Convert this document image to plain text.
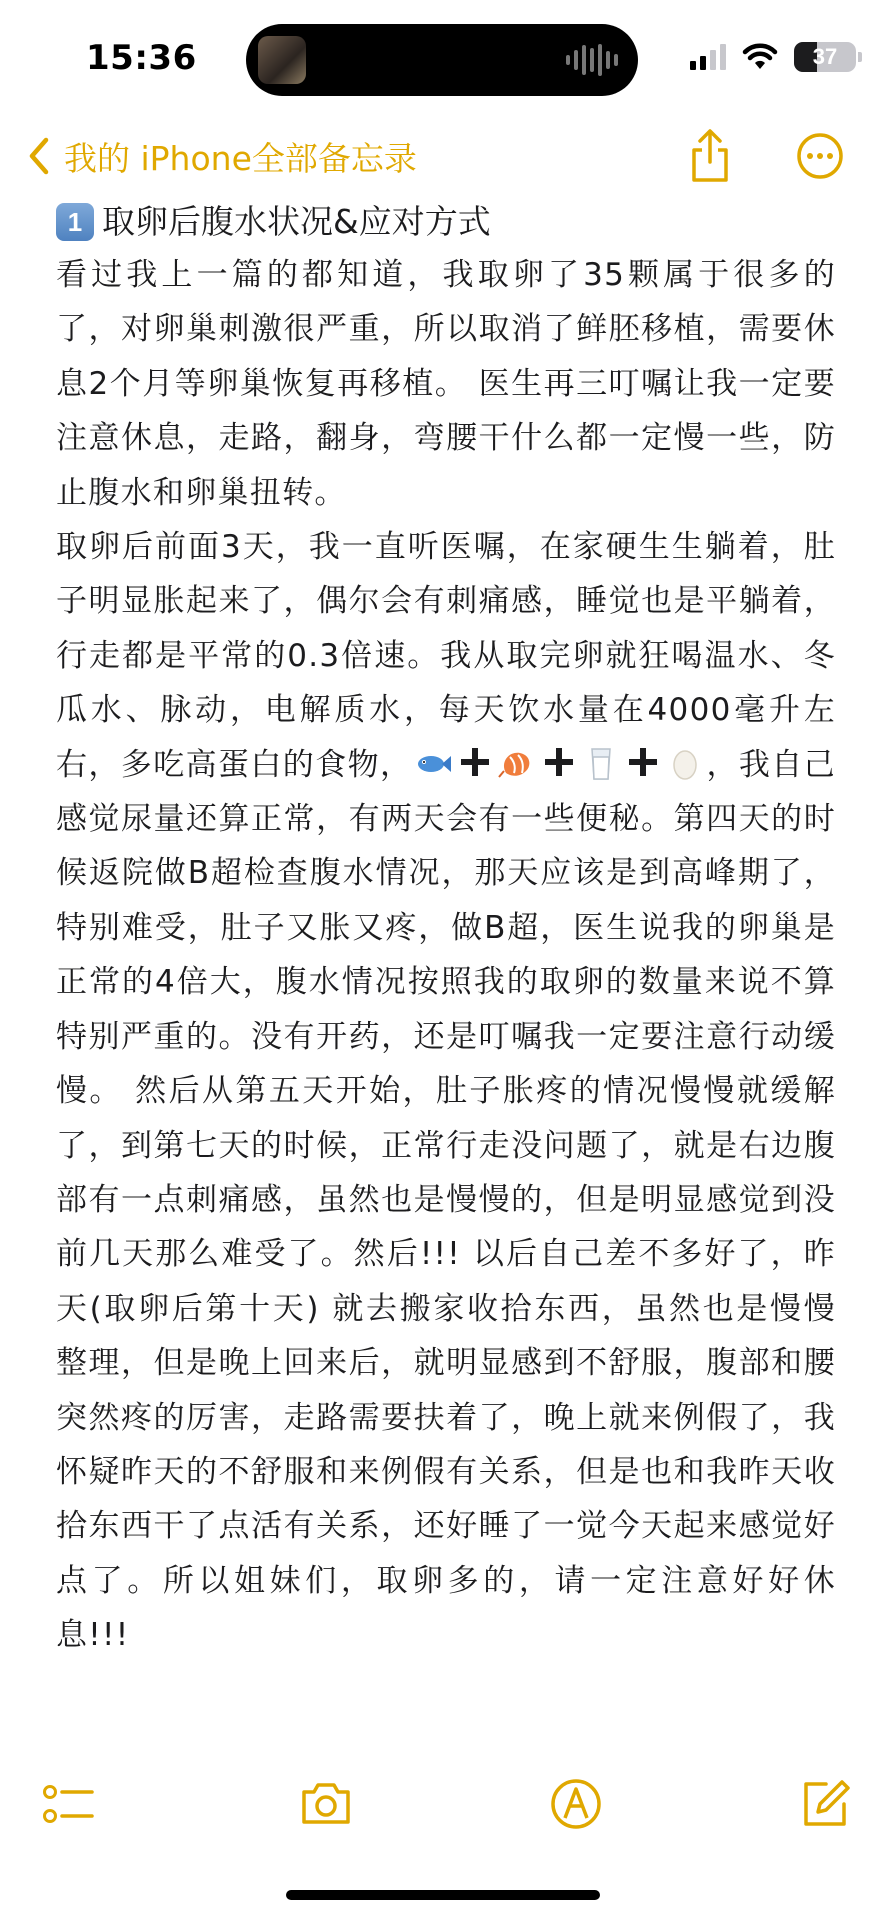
15:36	37
我的 iPhone全部备忘录
1 取卵后腹水状况&应对方式

看过我上一篇的都知道，我取卵了35颗属于很多的了，对卵巢刺激很严重，所以取消了鲜胚移植，需要休息2个月等卵巢恢复再移植。 医生再三叮嘱让我一定要注意休息，走路，翻身，弯腰干什么都一定慢一些，防止腹水和卵巢扭转。

取卵后前面3天，我一直听医嘱，在家硬生生躺着，肚子明显胀起来了，偶尔会有刺痛感，睡觉也是平躺着，行走都是平常的0.3倍速。我从取完卵就狂喝温水、冬瓜水、脉动，电解质水，每天饮水量在4000毫升左右，多吃高蛋白的食物，	，我自己感觉尿量还算正常，有两天会有一些便秘。第四天的时候返院做B超检查腹水情况，那天应该是到高峰期了，特别难受，肚子又胀又疼，做B超，医生说我的卵巢是正常的4倍大，腹水情况按照我的取卵的数量来说不算特别严重的。没有开药，还是叮嘱我一定要注意行动缓慢。 然后从第五天开始，肚子胀疼的情况慢慢就缓解了，到第七天的时候，正常行走没问题了，就是右边腹部有一点刺痛感，虽然也是慢慢的，但是明显感觉到没前几天那么难受了。然后!!! 以后自己差不多好了，昨天(取卵后第十天) 就去搬家收拾东西，虽然也是慢慢整理，但是晚上回来后，就明显感到不舒服，腹部和腰突然疼的厉害，走路需要扶着了，晚上就来例假了，我怀疑昨天的不舒服和来例假有关系，但是也和我昨天收拾东西干了点活有关系，还好睡了一觉今天起来感觉好点了。所以姐妹们，取卵多的，请一定注意好好休息!!!
